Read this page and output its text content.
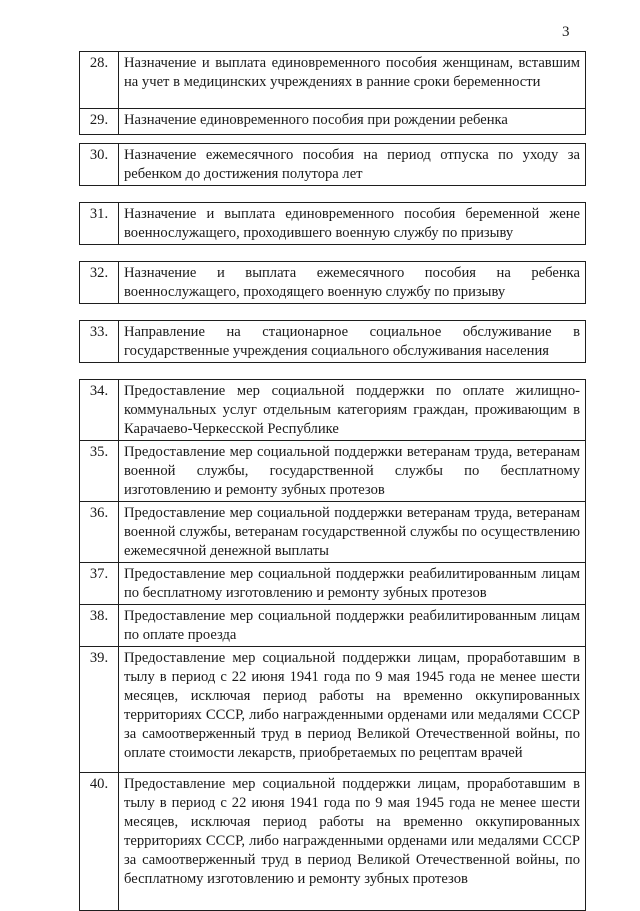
3
28.	Назначение и выплата единовременного пособия женщинам, вставшим на учет в медицинских учреждениях в ранние сроки беременности
29.	Назначение единовременного пособия при рождении ребенка

30.	Назначение ежемесячного пособия на период отпуска по уходу за ребенком до достижения полутора лет

31.	Назначение и выплата единовременного пособия беременной жене военнослужащего, проходившего военную службу по призыву

32.	Назначение и выплата ежемесячного пособия на ребенка военнослужащего, проходящего военную службу по призыву

33.	Направление на стационарное социальное обслуживание в государственные учреждения социального обслуживания населения

34.	Предоставление мер социальной поддержки по оплате жилищно-коммунальных услуг отдельным категориям граждан, проживающим в Карачаево-Черкесской Республике
35.	Предоставление мер социальной поддержки ветеранам труда, ветеранам военной службы, государственной службы по бесплатному изготовлению и ремонту зубных протезов
36.	Предоставление мер социальной поддержки ветеранам труда, ветеранам военной службы, ветеранам государственной службы по осуществлению ежемесячной денежной выплаты
37.	Предоставление мер социальной поддержки реабилитированным лицам по бесплатному изготовлению и ремонту зубных протезов
38.	Предоставление мер социальной поддержки реабилитированным лицам по оплате проезда
39.	Предоставление мер социальной поддержки лицам, проработавшим в тылу в период с 22 июня 1941 года по 9 мая 1945 года не менее шести месяцев, исключая период работы на временно оккупированных территориях СССР, либо награжденными орденами или медалями СССР за самоотверженный труд в период Великой Отечественной войны, по оплате стоимости лекарств, приобретаемых по рецептам врачей
40.	Предоставление мер социальной поддержки лицам, проработавшим в тылу в период с 22 июня 1941 года по 9 мая 1945 года не менее шести месяцев, исключая период работы на временно оккупированных территориях СССР, либо награжденными орденами или медалями СССР за самоотверженный труд в период Великой Отечественной войны, по бесплатному изготовлению и ремонту зубных протезов
